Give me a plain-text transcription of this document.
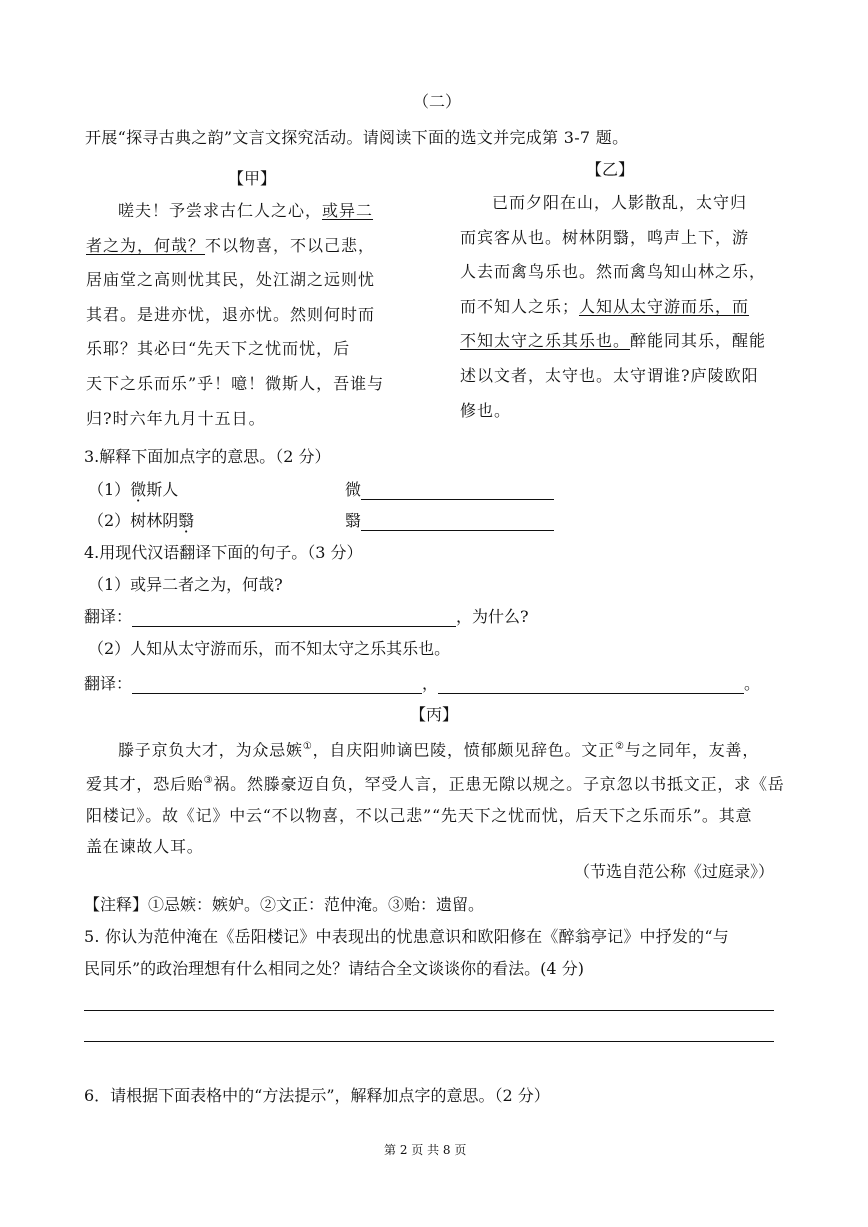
（二）
开展“探寻古典之韵”文言文探究活动。请阅读下面的选文并完成第 3-7 题。
【甲】

嗟夫！予尝求古仁人之心，或异二

者之为，何哉？不以物喜，不以己悲，

居庙堂之高则忧其民，处江湖之远则忧

其君。是进亦忧，退亦忧。然则何时而

乐耶？其必曰“先天下之忧而忧，后

天下之乐而乐”乎！噫！微斯人，吾谁与

归?时六年九月十五日。

【乙】

已而夕阳在山，人影散乱，太守归

而宾客从也。树林阴翳，鸣声上下，游

人去而禽鸟乐也。然而禽鸟知山林之乐，

而不知人之乐；人知从太守游而乐，而

不知太守之乐其乐也。醉能同其乐，醒能

述以文者，太守也。太守谓谁?庐陵欧阳

修也。

3.解释下面加点字的意思。（2 分）
（1）微斯人	微
（2）树林阴翳	翳
4.用现代汉语翻译下面的句子。（3 分）
（1）或异二者之为，何哉?
翻译：	，为什么?
（2）人知从太守游而乐，而不知太守之乐其乐也。
翻译：	，	。
【丙】

滕子京负大才，为众忌嫉①，自庆阳帅谪巴陵，愤郁颇见辞色。文正②与之同年，友善，

爱其才，恐后贻③祸。然滕豪迈自负，罕受人言，正患无隙以规之。子京忽以书抵文正，求《岳

阳楼记》。故《记》中云“不以物喜，不以己悲”“先天下之忧而忧，后天下之乐而乐”。其意

盖在谏故人耳。

（节选自范公称《过庭录》）
【注释】①忌嫉：嫉妒。②文正：范仲淹。③贻：遗留。
5. 你认为范仲淹在《岳阳楼记》中表现出的忧患意识和欧阳修在《醉翁亭记》中抒发的“与
民同乐”的政治理想有什么相同之处？请结合全文谈谈你的看法。(4 分)
6．请根据下面表格中的“方法提示”，解释加点字的意思。（2 分）
第 2 页 共 8 页
